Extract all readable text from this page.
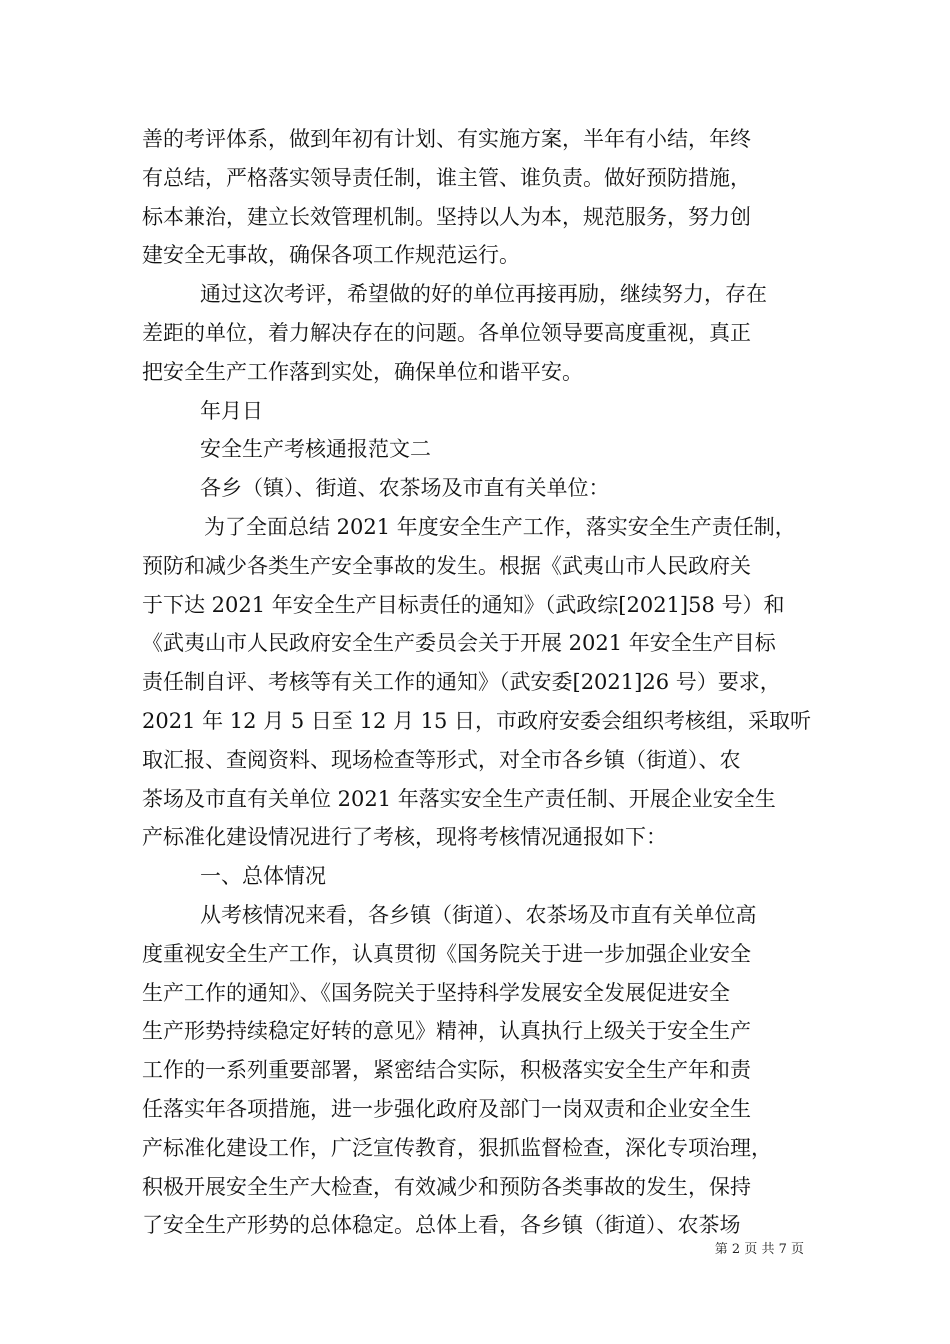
善的考评体系，做到年初有计划、有实施方案，半年有小结，年终
有总结，严格落实领导责任制，谁主管、谁负责。做好预防措施，
标本兼治，建立长效管理机制。坚持以人为本，规范服务，努力创
建安全无事故，确保各项工作规范运行。
通过这次考评，希望做的好的单位再接再励，继续努力，存在
差距的单位，着力解决存在的问题。各单位领导要高度重视，真正
把安全生产工作落到实处，确保单位和谐平安。
年月日
安全生产考核通报范文二
各乡（镇）、街道、农茶场及市直有关单位：
为了全面总结 2021 年度安全生产工作，落实安全生产责任制，
预防和减少各类生产安全事故的发生。根据《武夷山市人民政府关
于下达 2021 年安全生产目标责任的通知》（武政综[2021]58 号）和
《武夷山市人民政府安全生产委员会关于开展 2021 年安全生产目标
责任制自评、考核等有关工作的通知》（武安委[2021]26 号）要求，
2021 年 12 月 5 日至 12 月 15 日，市政府安委会组织考核组，采取听
取汇报、查阅资料、现场检查等形式，对全市各乡镇（街道）、农
茶场及市直有关单位 2021 年落实安全生产责任制、开展企业安全生
产标准化建设情况进行了考核，现将考核情况通报如下：
一、总体情况
从考核情况来看，各乡镇（街道）、农茶场及市直有关单位高
度重视安全生产工作，认真贯彻《国务院关于进一步加强企业安全
生产工作的通知》、《国务院关于坚持科学发展安全发展促进安全
生产形势持续稳定好转的意见》精神，认真执行上级关于安全生产
工作的一系列重要部署，紧密结合实际，积极落实安全生产年和责
任落实年各项措施，进一步强化政府及部门一岗双责和企业安全生
产标准化建设工作，广泛宣传教育，狠抓监督检查，深化专项治理，
积极开展安全生产大检查，有效减少和预防各类事故的发生，保持
了安全生产形势的总体稳定。总体上看，各乡镇（街道）、农茶场
第 2 页 共 7 页
